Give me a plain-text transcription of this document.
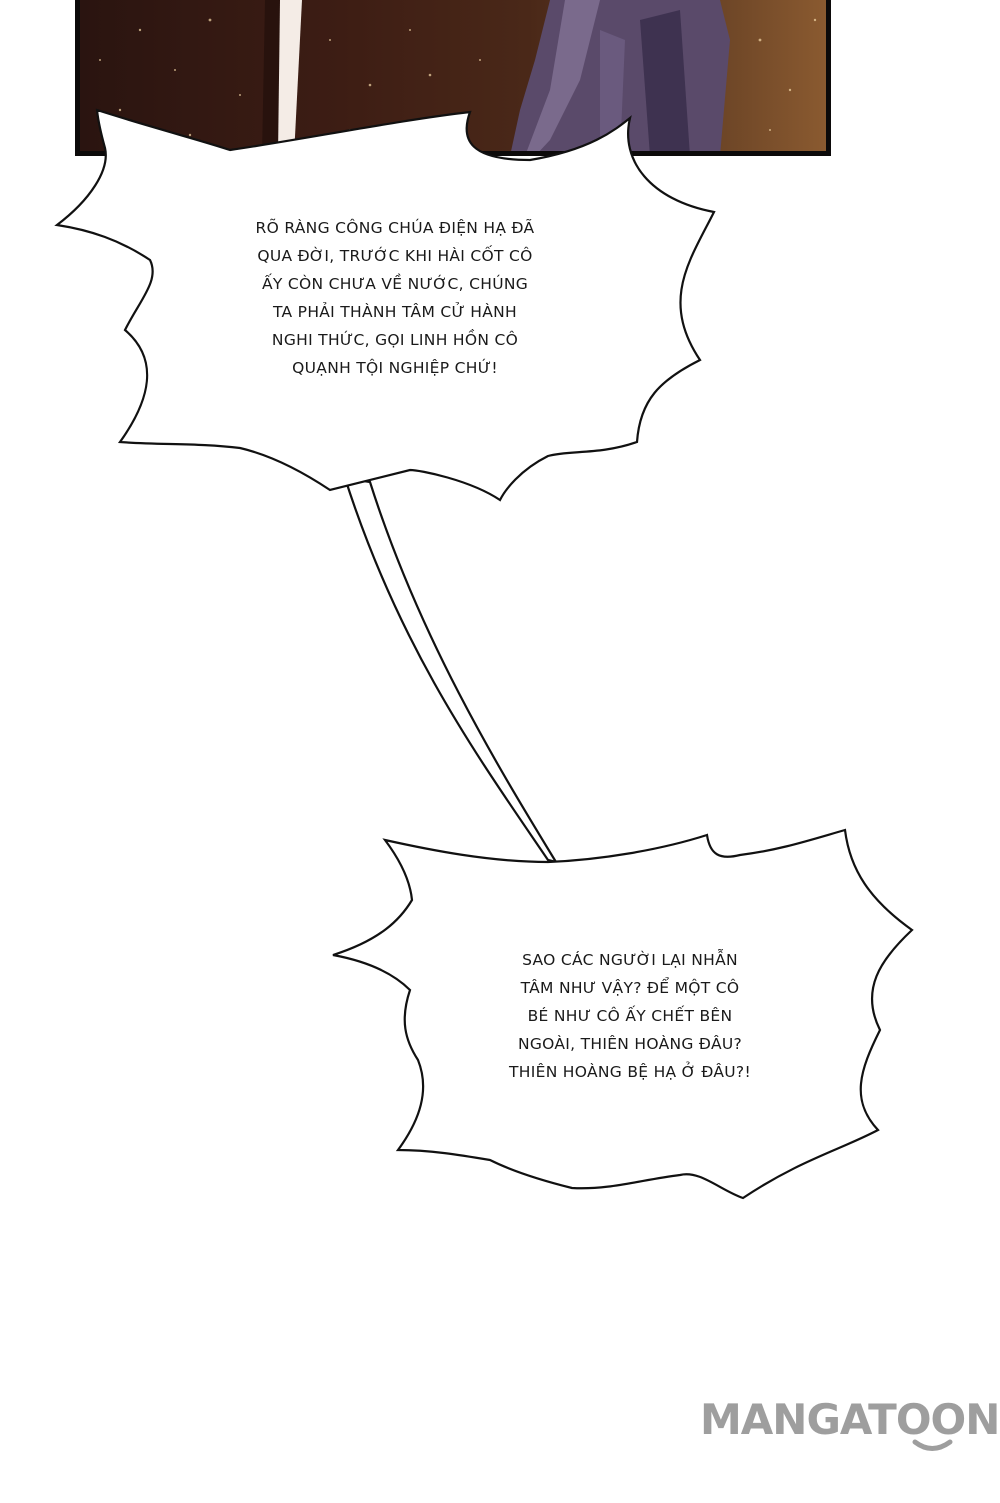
RÕ RÀNG CÔNG CHÚA ĐIỆN HẠ ĐÃ
QUA ĐỜI, TRƯỚC KHI HÀI CỐT CÔ
ẤY CÒN CHƯA VỀ NƯỚC, CHÚNG
TA PHẢI THÀNH TÂM CỬ HÀNH
NGHI THỨC, GỌI LINH HỒN CÔ
QUẠNH TỘI NGHIỆP CHỨ!
SAO CÁC NGƯỜI LẠI NHẪN
TÂM NHƯ VẬY? ĐỂ MỘT CÔ
BÉ NHƯ CÔ ẤY CHẾT BÊN
NGOÀI, THIÊN HOÀNG ĐÂU?
THIÊN HOÀNG BỆ HẠ Ở ĐÂU?!
MANGATOON
